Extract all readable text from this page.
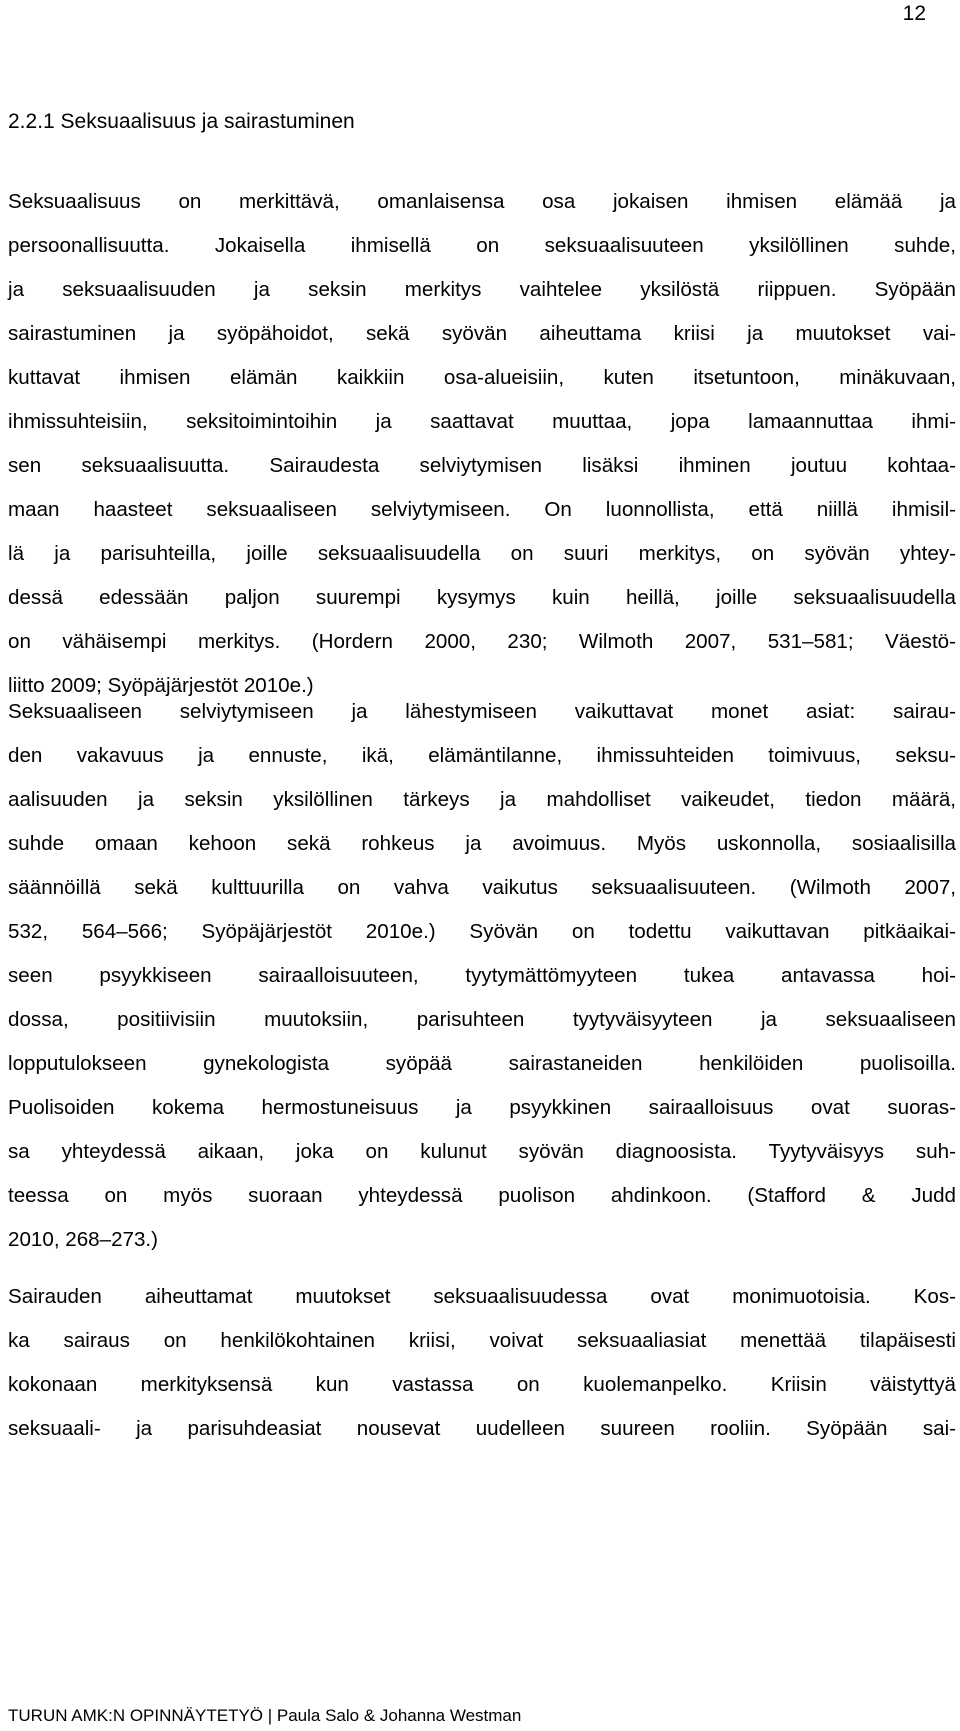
12
2.2.1 Seksuaalisuus ja sairastuminen
Seksuaalisuus on merkittävä, omanlaisensa osa jokaisen ihmisen elämää ja
persoonallisuutta. Jokaisella ihmisellä on seksuaalisuuteen yksilöllinen suhde,
ja seksuaalisuuden ja seksin merkitys vaihtelee yksilöstä riippuen. Syöpään
sairastuminen ja syöpähoidot, sekä syövän aiheuttama kriisi ja muutokset vai-
kuttavat ihmisen elämän kaikkiin osa-alueisiin, kuten itsetuntoon, minäkuvaan,
ihmissuhteisiin, seksitoimintoihin ja saattavat muuttaa, jopa lamaannuttaa ihmi-
sen seksuaalisuutta. Sairaudesta selviytymisen lisäksi ihminen joutuu kohtaa-
maan haasteet seksuaaliseen selviytymiseen. On luonnollista, että niillä ihmisil-
lä ja parisuhteilla, joille seksuaalisuudella on suuri merkitys, on syövän yhtey-
dessä edessään paljon suurempi kysymys kuin heillä, joille seksuaalisuudella
on vähäisempi merkitys. (Hordern 2000, 230; Wilmoth 2007, 531–581; Väestö-
liitto 2009; Syöpäjärjestöt 2010e.)
Seksuaaliseen selviytymiseen ja lähestymiseen vaikuttavat monet asiat: sairau-
den vakavuus ja ennuste, ikä, elämäntilanne, ihmissuhteiden toimivuus, seksu-
aalisuuden ja seksin yksilöllinen tärkeys ja mahdolliset vaikeudet, tiedon määrä,
suhde omaan kehoon sekä rohkeus ja avoimuus. Myös uskonnolla, sosiaalisilla
säännöillä sekä kulttuurilla on vahva vaikutus seksuaalisuuteen. (Wilmoth 2007,
532, 564–566; Syöpäjärjestöt 2010e.) Syövän on todettu vaikuttavan pitkäaikai-
seen psyykkiseen sairaalloisuuteen, tyytymättömyyteen tukea antavassa hoi-
dossa, positiivisiin muutoksiin, parisuhteen tyytyväisyyteen ja seksuaaliseen
lopputulokseen gynekologista syöpää sairastaneiden henkilöiden puolisoilla.
Puolisoiden kokema hermostuneisuus ja psyykkinen sairaalloisuus ovat suoras-
sa yhteydessä aikaan, joka on kulunut syövän diagnoosista. Tyytyväisyys suh-
teessa on myös suoraan yhteydessä puolison ahdinkoon. (Stafford & Judd
2010, 268–273.)
Sairauden aiheuttamat muutokset seksuaalisuudessa ovat monimuotoisia. Kos-
ka sairaus on henkilökohtainen kriisi, voivat seksuaaliasiat menettää tilapäisesti
kokonaan merkityksensä kun vastassa on kuolemanpelko. Kriisin väistyttyä
seksuaali- ja parisuhdeasiat nousevat uudelleen suureen rooliin. Syöpään sai-
TURUN AMK:N OPINNÄYTETYÖ | Paula Salo & Johanna Westman
